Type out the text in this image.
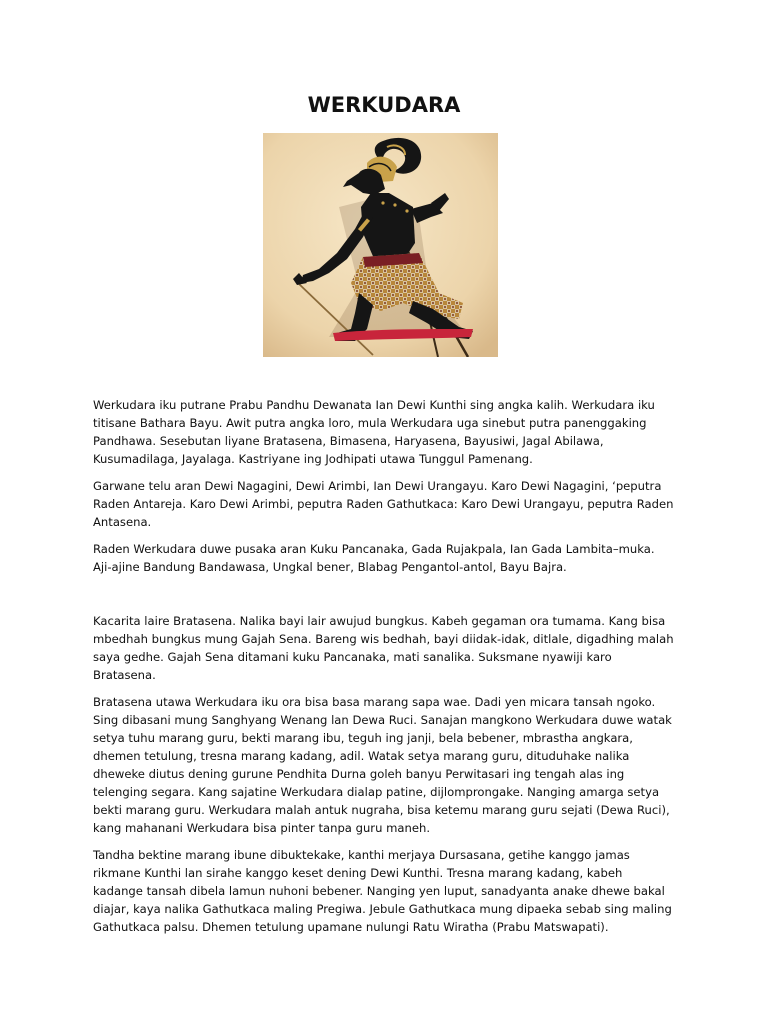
WERKUDARA

Werkudara iku putrane Prabu Pandhu Dewanata Ian Dewi Kunthi sing angka kalih. Werkudara iku titisane Bathara Bayu. Awit putra angka loro, mula Werkudara uga sinebut putra panenggaking Pandhawa. Sesebutan liyane Bratasena, Bimasena, Haryasena, Bayusiwi, Jagal Abilawa, Kusumadilaga, Jayalaga. Kastriyane ing Jodhipati utawa Tunggul Pamenang.

Garwane telu aran Dewi Nagagini, Dewi Arimbi, Ian Dewi Urangayu. Karo Dewi Nagagini, ‘peputra Raden Antareja. Karo Dewi Arimbi, peputra Raden Gathutkaca: Karo Dewi Urangayu, peputra Raden Antasena.

Raden Werkudara duwe pusaka aran Kuku Pancanaka, Gada Rujakpala, Ian Gada Lambita–muka. Aji-ajine Bandung Bandawasa, Ungkal bener, Blabag Pengantol-antol, Bayu Bajra.

Kacarita laire Bratasena. Nalika bayi lair awujud bungkus. Kabeh gegaman ora tumama. Kang bisa mbedhah bungkus mung Gajah Sena. Bareng wis bedhah, bayi diidak-idak, ditlale, digadhing malah saya gedhe. Gajah Sena ditamani kuku Pancanaka, mati sanalika. Suksmane nyawiji karo Bratasena.

Bratasena utawa Werkudara iku ora bisa basa marang sapa wae. Dadi yen micara tansah ngoko. Sing dibasani mung Sanghyang Wenang lan Dewa Ruci. Sanajan mangkono Werkudara duwe watak setya tuhu marang guru, bekti marang ibu, teguh ing janji, bela bebener, mbrastha angkara, dhemen tetulung, tresna marang kadang, adil. Watak setya marang guru, dituduhake nalika dheweke diutus dening gurune Pendhita Durna goleh banyu Perwitasari ing tengah alas ing telenging segara. Kang sajatine Werkudara dialap patine, dijlomprongake. Nanging amarga setya bekti marang guru. Werkudara malah antuk nugraha, bisa ketemu marang guru sejati (Dewa Ruci), kang mahanani Werkudara bisa pinter tanpa guru maneh.

Tandha bektine marang ibune dibuktekake, kanthi merjaya Dursasana, getihe kanggo jamas rikmane Kunthi lan sirahe kanggo keset dening Dewi Kunthi. Tresna marang kadang, kabeh kadange tansah dibela lamun nuhoni bebener. Nanging yen luput, sanadyanta anake dhewe bakal diajar, kaya nalika Gathutkaca maling Pregiwa. Jebule Gathutkaca mung dipaeka sebab sing maling Gathutkaca palsu. Dhemen tetulung upamane nulungi Ratu Wiratha (Prabu Matswapati).
